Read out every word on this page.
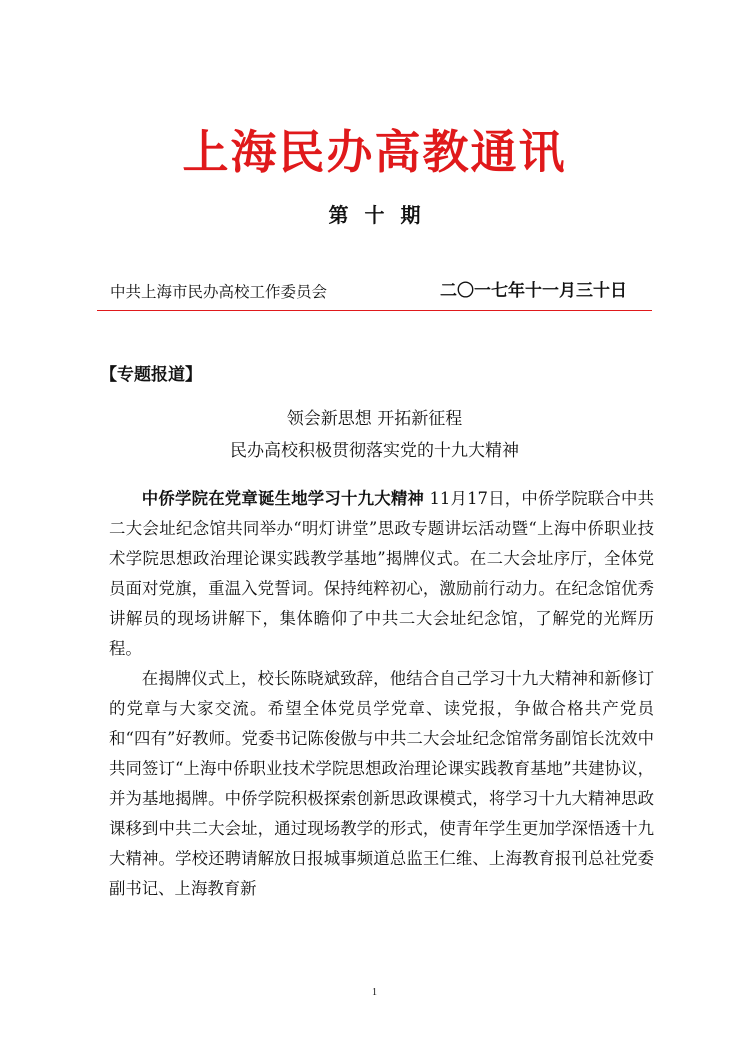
上海民办高教通讯
第 十 期
中共上海市民办高校工作委员会	二〇一七年十一月三十日
【专题报道】
领会新思想 开拓新征程
民办高校积极贯彻落实党的十九大精神

中侨学院在党章诞生地学习十九大精神 11月17日，中侨学院联合中共二大会址纪念馆共同举办“明灯讲堂”思政专题讲坛活动暨“上海中侨职业技术学院思想政治理论课实践教学基地”揭牌仪式。在二大会址序厅，全体党员面对党旗，重温入党誓词。保持纯粹初心，激励前行动力。在纪念馆优秀讲解员的现场讲解下，集体瞻仰了中共二大会址纪念馆，了解党的光辉历程。

在揭牌仪式上，校长陈晓斌致辞，他结合自己学习十九大精神和新修订的党章与大家交流。希望全体党员学党章、读党报，争做合格共产党员和“四有”好教师。党委书记陈俊傲与中共二大会址纪念馆常务副馆长沈效中共同签订“上海中侨职业技术学院思想政治理论课实践教育基地”共建协议，并为基地揭牌。中侨学院积极探索创新思政课模式，将学习十九大精神思政课移到中共二大会址，通过现场教学的形式，使青年学生更加学深悟透十九大精神。学校还聘请解放日报城事频道总监王仁维、上海教育报刊总社党委副书记、上海教育新

1
